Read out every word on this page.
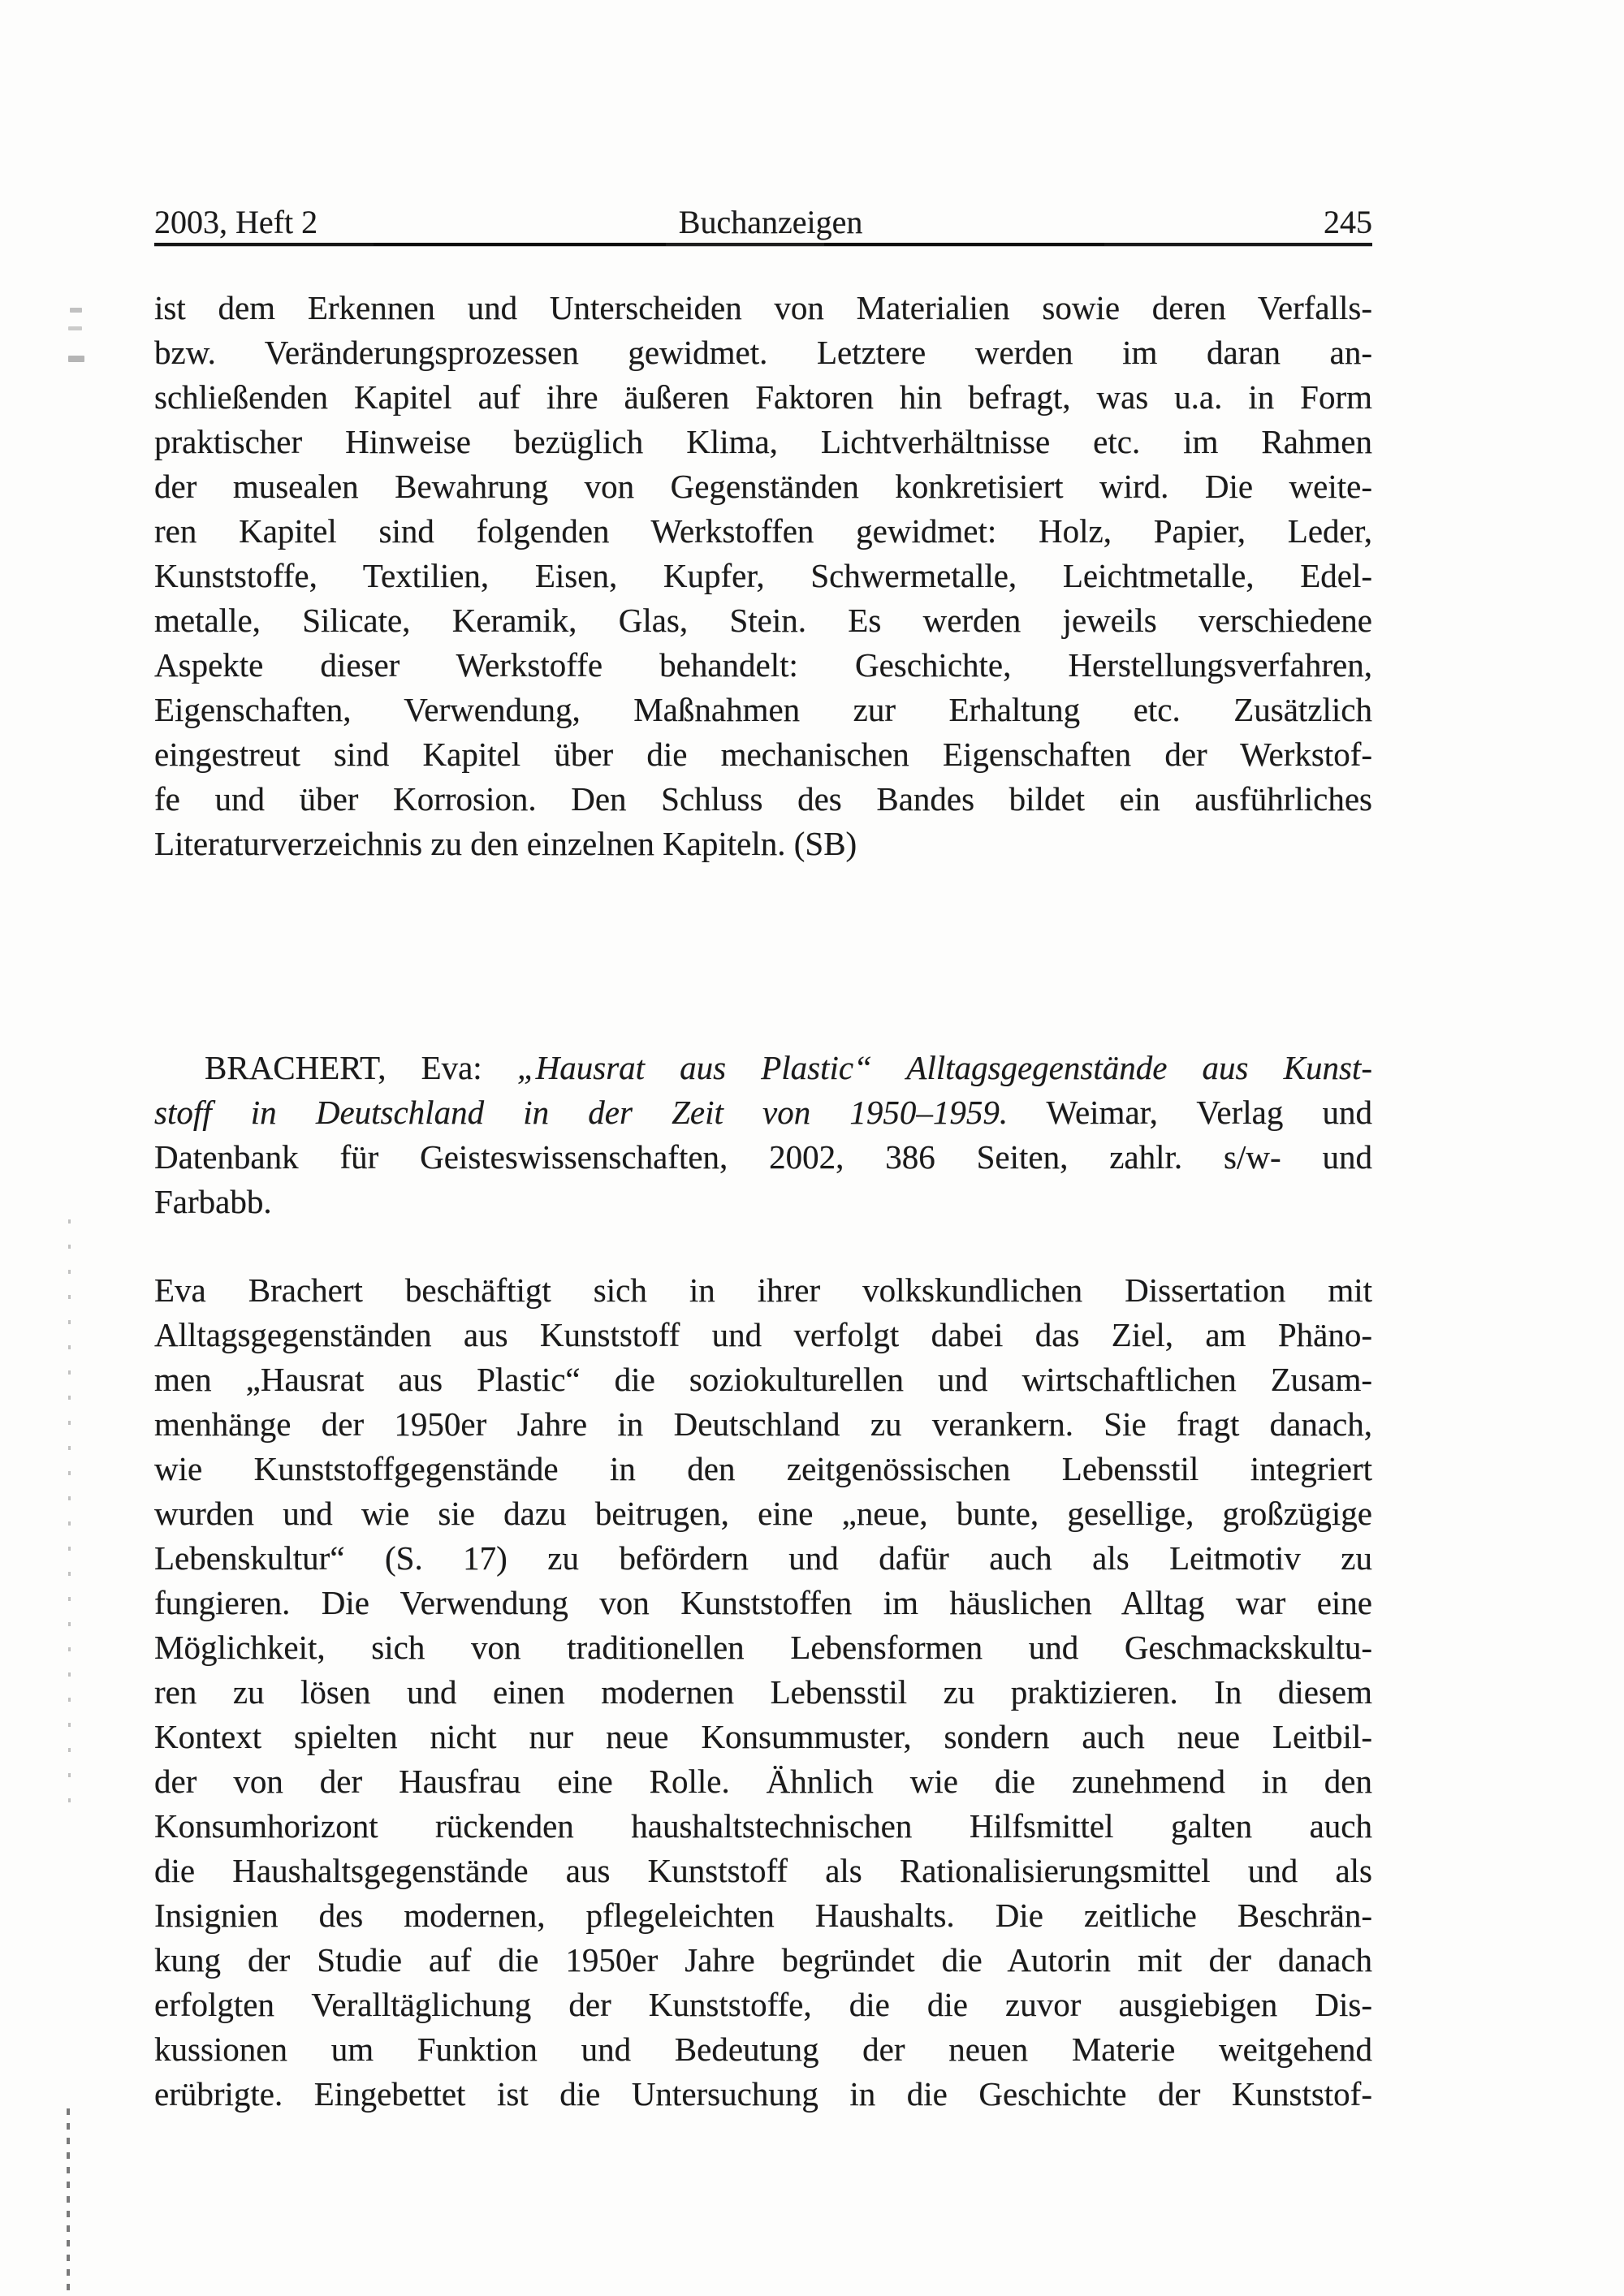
2003, Heft 2	Buchanzeigen	245
ist dem Erkennen und Unterscheiden von Materialien sowie deren Verfalls-
bzw. Veränderungsprozessen gewidmet. Letztere werden im daran an-
schließenden Kapitel auf ihre äußeren Faktoren hin befragt, was u.a. in Form
praktischer Hinweise bezüglich Klima, Lichtverhältnisse etc. im Rahmen
der musealen Bewahrung von Gegenständen konkretisiert wird. Die weite-
ren Kapitel sind folgenden Werkstoffen gewidmet: Holz, Papier, Leder,
Kunststoffe, Textilien, Eisen, Kupfer, Schwermetalle, Leichtmetalle, Edel-
metalle, Silicate, Keramik, Glas, Stein. Es werden jeweils verschiedene
Aspekte dieser Werkstoffe behandelt: Geschichte, Herstellungsverfahren,
Eigenschaften, Verwendung, Maßnahmen zur Erhaltung etc. Zusätzlich
eingestreut sind Kapitel über die mechanischen Eigenschaften der Werkstof-
fe und über Korrosion. Den Schluss des Bandes bildet ein ausführliches
Literaturverzeichnis zu den einzelnen Kapiteln. (SB)
BRACHERT, Eva: „Hausrat aus Plastic“ Alltagsgegenstände aus Kunst-
stoff in Deutschland in der Zeit von 1950–1959. Weimar, Verlag und
Datenbank für Geisteswissenschaften, 2002, 386 Seiten, zahlr. s/w- und
Farbabb.
Eva Brachert beschäftigt sich in ihrer volkskundlichen Dissertation mit
Alltagsgegenständen aus Kunststoff und verfolgt dabei das Ziel, am Phäno-
men „Hausrat aus Plastic“ die soziokulturellen und wirtschaftlichen Zusam-
menhänge der 1950er Jahre in Deutschland zu verankern. Sie fragt danach,
wie Kunststoffgegenstände in den zeitgenössischen Lebensstil integriert
wurden und wie sie dazu beitrugen, eine „neue, bunte, gesellige, großzügige
Lebenskultur“ (S. 17) zu befördern und dafür auch als Leitmotiv zu
fungieren. Die Verwendung von Kunststoffen im häuslichen Alltag war eine
Möglichkeit, sich von traditionellen Lebensformen und Geschmackskultu-
ren zu lösen und einen modernen Lebensstil zu praktizieren. In diesem
Kontext spielten nicht nur neue Konsummuster, sondern auch neue Leitbil-
der von der Hausfrau eine Rolle. Ähnlich wie die zunehmend in den
Konsumhorizont rückenden haushaltstechnischen Hilfsmittel galten auch
die Haushaltsgegenstände aus Kunststoff als Rationalisierungsmittel und als
Insignien des modernen, pflegeleichten Haushalts. Die zeitliche Beschrän-
kung der Studie auf die 1950er Jahre begründet die Autorin mit der danach
erfolgten Veralltäglichung der Kunststoffe, die die zuvor ausgiebigen Dis-
kussionen um Funktion und Bedeutung der neuen Materie weitgehend
erübrigte. Eingebettet ist die Untersuchung in die Geschichte der Kunststof-
